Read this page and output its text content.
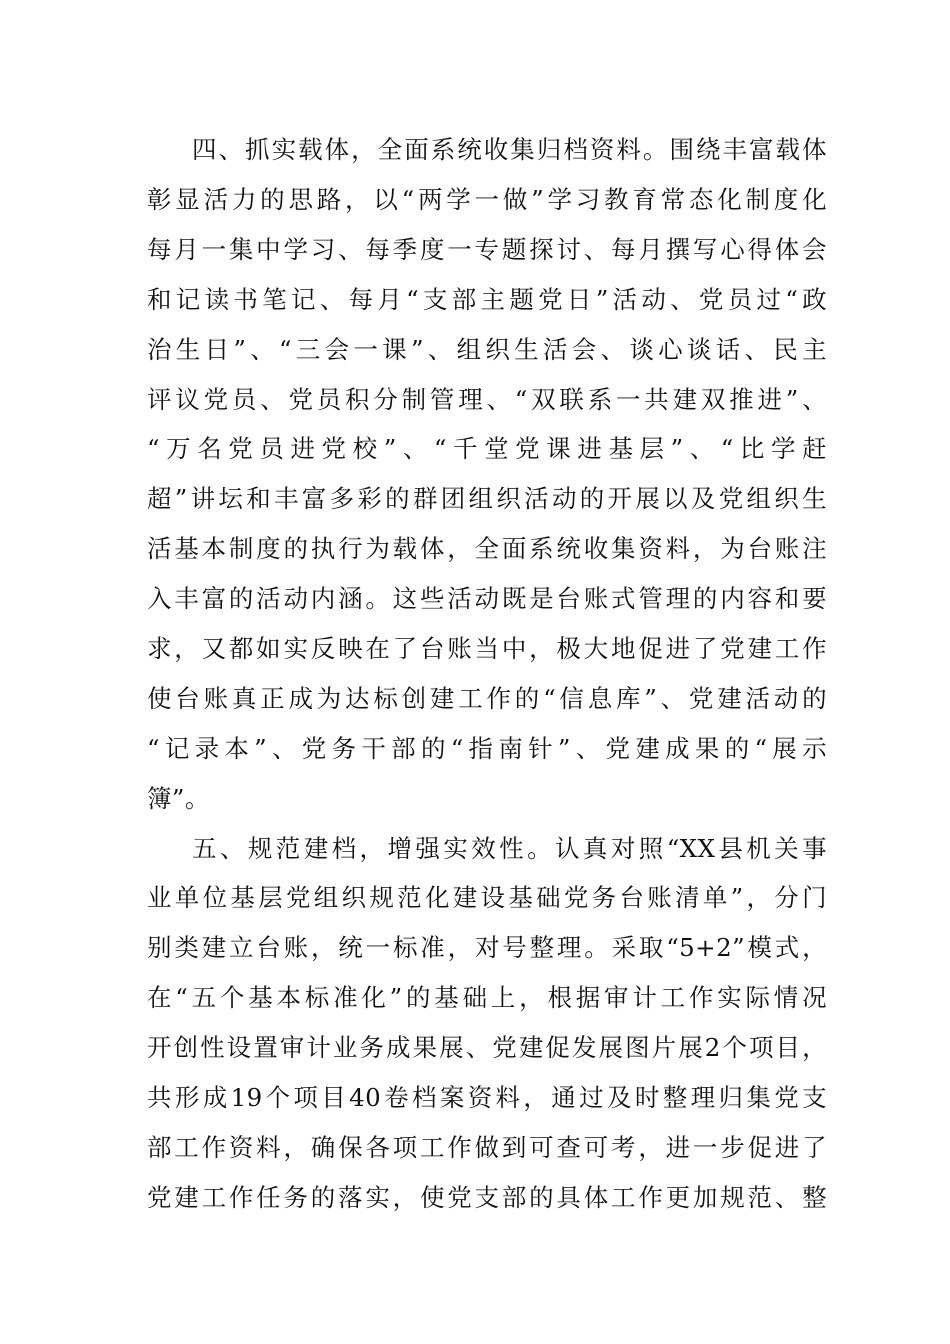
四、抓实载体，全面系统收集归档资料。围绕丰富载体
彰显活力的思路，以“两学一做”学习教育常态化制度化
每月一集中学习、每季度一专题探讨、每月撰写心得体会
和记读书笔记、每月“支部主题党日”活动、党员过“政
治生日”、“三会一课”、组织生活会、谈心谈话、民主
评议党员、党员积分制管理、“双联系一共建双推进”、
“万名党员进党校”、“千堂党课进基层”、“比学赶
超”讲坛和丰富多彩的群团组织活动的开展以及党组织生
活基本制度的执行为载体，全面系统收集资料，为台账注
入丰富的活动内涵。这些活动既是台账式管理的内容和要
求，又都如实反映在了台账当中，极大地促进了党建工作
使台账真正成为达标创建工作的“信息库”、党建活动的
“记录本”、党务干部的“指南针”、党建成果的“展示
簿”。
五、规范建档，增强实效性。认真对照“XX县机关事
业单位基层党组织规范化建设基础党务台账清单”，分门
别类建立台账，统一标准，对号整理。采取“5+2”模式，
在“五个基本标准化”的基础上，根据审计工作实际情况
开创性设置审计业务成果展、党建促发展图片展2个项目，
共形成19个项目40卷档案资料，通过及时整理归集党支
部工作资料，确保各项工作做到可查可考，进一步促进了
党建工作任务的落实，使党支部的具体工作更加规范、整
